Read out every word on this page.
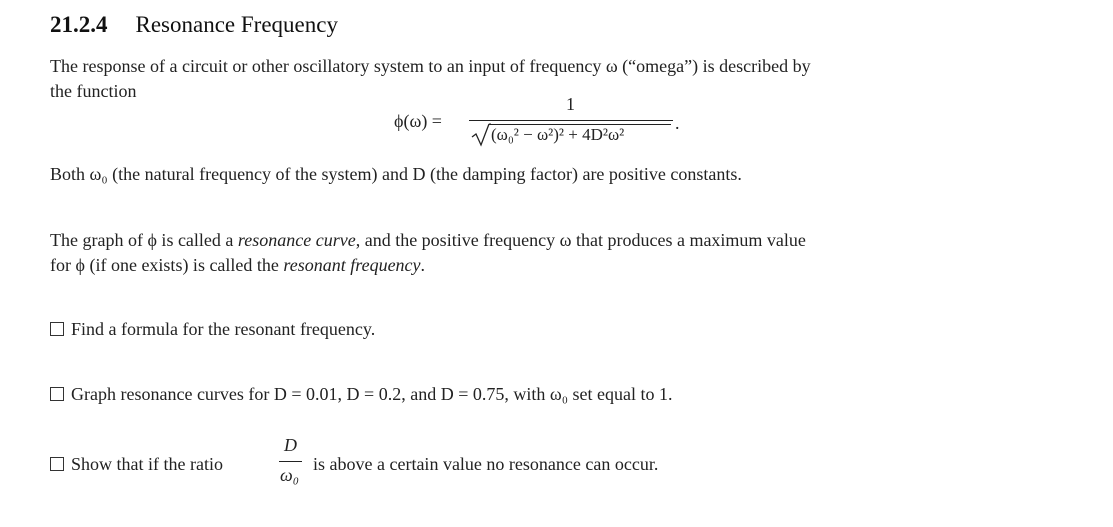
21.2.4 Resonance Frequency
The response of a circuit or other oscillatory system to an input of frequency ω (“omega”) is described by
the function
ϕ(ω) =
1
(ω₀² − ω²)² + 4D²ω²
.
Both ω₀ (the natural frequency of the system) and D (the damping factor) are positive constants.
The graph of ϕ is called a resonance curve, and the positive frequency ω that produces a maximum value
for ϕ (if one exists) is called the resonant frequency.
Find a formula for the resonant frequency.
Graph resonance curves for D = 0.01, D = 0.2, and D = 0.75, with ω₀ set equal to 1.
Show that if the ratio
D
ω₀
is above a certain value no resonance can occur.
